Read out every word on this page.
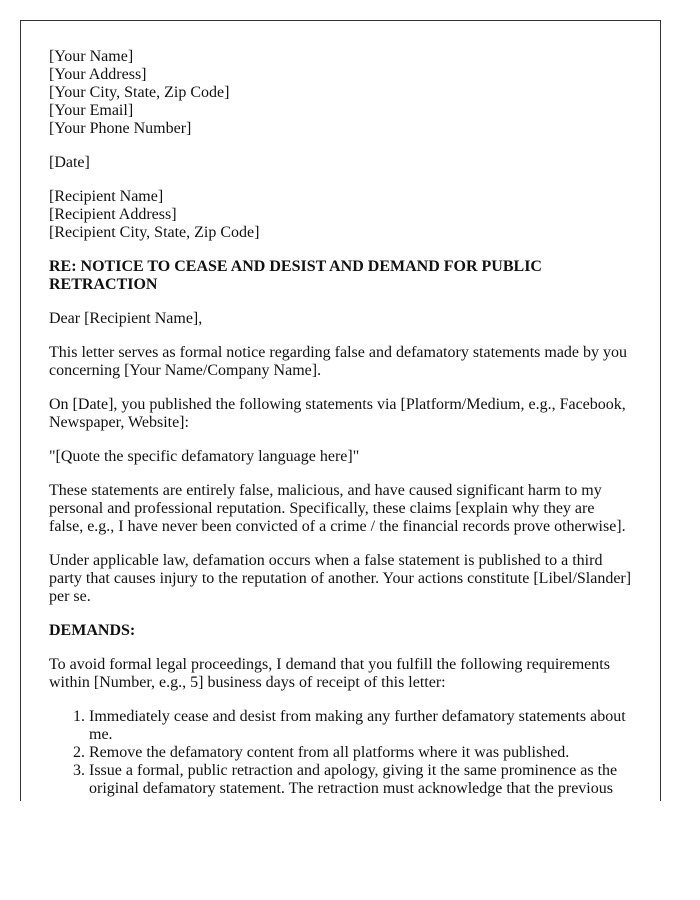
[Your Name]
[Your Address]
[Your City, State, Zip Code]
[Your Email]
[Your Phone Number]

[Date]

[Recipient Name]
[Recipient Address]
[Recipient City, State, Zip Code]

RE: NOTICE TO CEASE AND DESIST AND DEMAND FOR PUBLIC RETRACTION

Dear [Recipient Name],

This letter serves as formal notice regarding false and defamatory statements made by you concerning [Your Name/Company Name].

On [Date], you published the following statements via [Platform/Medium, e.g., Facebook, Newspaper, Website]:

"[Quote the specific defamatory language here]"

These statements are entirely false, malicious, and have caused significant harm to my personal and professional reputation. Specifically, these claims [explain why they are false, e.g., I have never been convicted of a crime / the financial records prove otherwise].

Under applicable law, defamation occurs when a false statement is published to a third party that causes injury to the reputation of another. Your actions constitute [Libel/Slander] per se.

DEMANDS:

To avoid formal legal proceedings, I demand that you fulfill the following requirements within [Number, e.g., 5] business days of receipt of this letter:

1. Immediately cease and desist from making any further defamatory statements about me.
2. Remove the defamatory content from all platforms where it was published.
3. Issue a formal, public retraction and apology, giving it the same prominence as the original defamatory statement. The retraction must acknowledge that the previous
